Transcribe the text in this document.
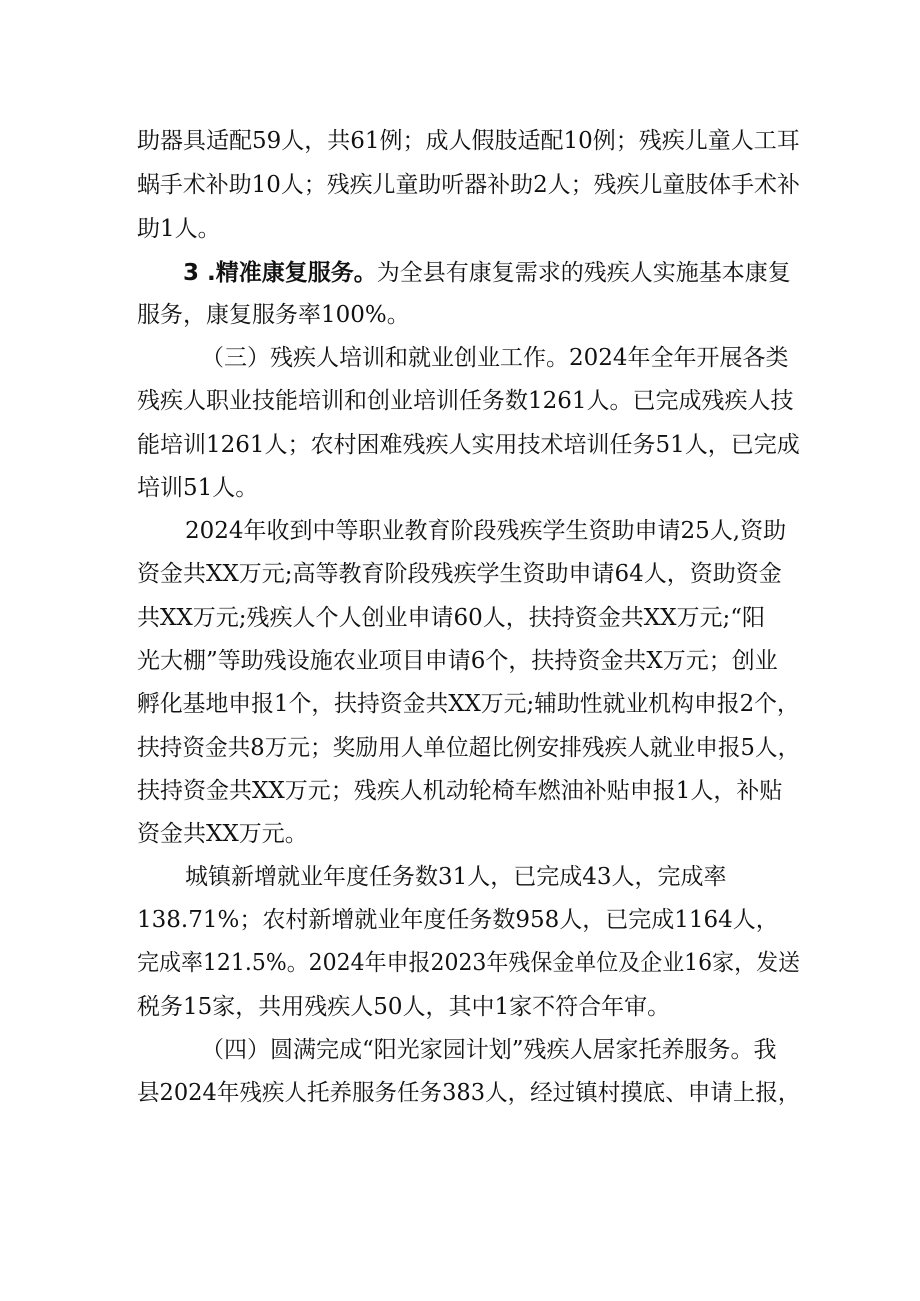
助器具适配59人，共61例；成人假肢适配10例；残疾儿童人工耳
蜗手术补助10人；残疾儿童助听器补助2人；残疾儿童肢体手术补
助1人。
3 .精准康复服务。为全县有康复需求的残疾人实施基本康复
服务，康复服务率100%。
（三）残疾人培训和就业创业工作。2024年全年开展各类
残疾人职业技能培训和创业培训任务数1261人。已完成残疾人技
能培训1261人；农村困难残疾人实用技术培训任务51人，已完成
培训51人。
2024年收到中等职业教育阶段残疾学生资助申请25人,资助
资金共XX万元;高等教育阶段残疾学生资助申请64人，资助资金
共XX万元;残疾人个人创业申请60人，扶持资金共XX万元;“阳
光大棚”等助残设施农业项目申请6个，扶持资金共X万元；创业
孵化基地申报1个，扶持资金共XX万元;辅助性就业机构申报2个，
扶持资金共8万元；奖励用人单位超比例安排残疾人就业申报5人，
扶持资金共XX万元；残疾人机动轮椅车燃油补贴申报1人，补贴
资金共XX万元。
城镇新增就业年度任务数31人，已完成43人，完成率
138.71%；农村新增就业年度任务数958人，已完成1164人，
完成率121.5%。2024年申报2023年残保金单位及企业16家，发送
税务15家，共用残疾人50人，其中1家不符合年审。
（四）圆满完成“阳光家园计划”残疾人居家托养服务。我
县2024年残疾人托养服务任务383人，经过镇村摸底、申请上报，
